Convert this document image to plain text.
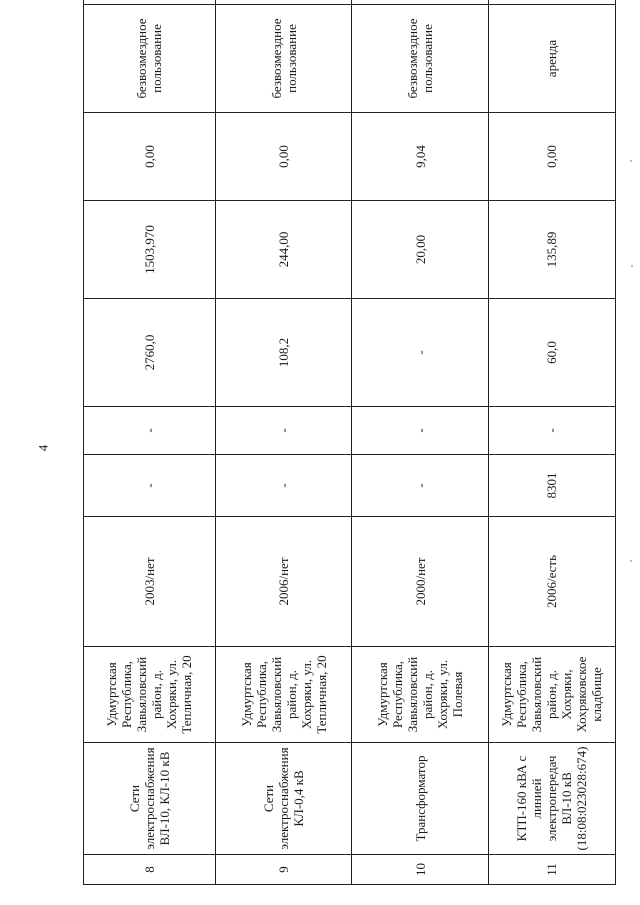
4
8	Сети электроснабжения ВЛ-10, КЛ-10 кВ	Удмуртская Республика, Завьяловский район, д. Хохряки, ул. Тепличная, 20	2003/нет	-	-	2760,0	1503,970	0,00	безвозмездное пользование	
9	Сети электроснабжения КЛ-0,4 кВ	Удмуртская Республика, Завьяловский район, д. Хохряки, ул. Тепличная, 20	2006/нет	-	-	108,2	244,00	0,00	безвозмездное пользование	
10	Трансформатор	Удмуртская Республика, Завьяловский район, д. Хохряки, ул. Полевая	2000/нет	-	-	-	20,00	9,04	безвозмездное пользование	
11	КТП-160 кВА с линией электропередач ВЛ-10 кВ (18:08:023028:674)	Удмуртская Республика, Завьяловский район, д. Хохряки, Хохряковское кладбище	2006/есть	8301	-	60,0	135,89	0,00	аренда	
